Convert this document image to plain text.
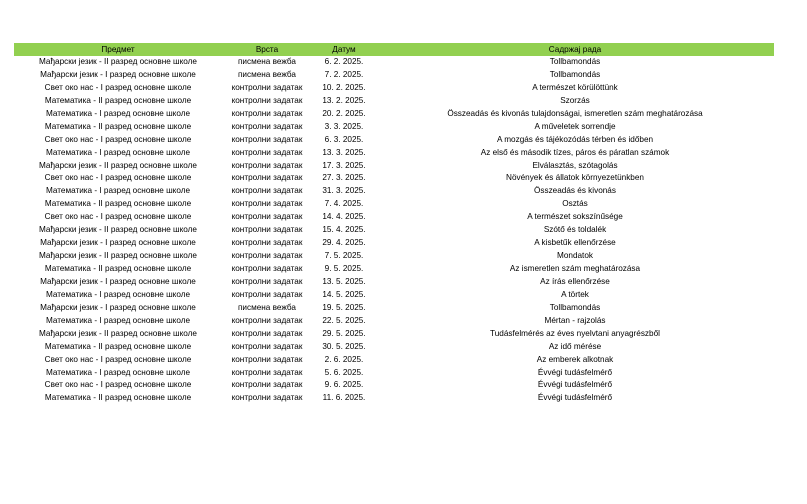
Предмет	Врста	Датум	Садржај рада
Мађарски језик - II разред основне школе	писмена вежба	6. 2. 2025.	Tollbamondás
Мађарски језик - I разред основне школе	писмена вежба	7. 2. 2025.	Tollbamondás
Свет око нас - I разред основне школе	контролни задатак	10. 2. 2025.	A természet körülöttünk
Математика - II разред основне школе	контролни задатак	13. 2. 2025.	Szorzás
Математика - I разред основне школе	контролни задатак	20. 2. 2025.	Összeadás és kivonás tulajdonságai, ismeretlen szám meghatározása
Математика - II разред основне школе	контролни задатак	3. 3. 2025.	A műveletek sorrendje
Свет око нас - I разред основне школе	контролни задатак	6. 3. 2025.	A mozgás és tájékozódás térben és időben
Математика - I разред основне школе	контролни задатак	13. 3. 2025.	Az első és második tízes, páros és páratlan számok
Мађарски језик - II разред основне школе	контролни задатак	17. 3. 2025.	Elválasztás, szótagolás
Свет око нас - I разред основне школе	контролни задатак	27. 3. 2025.	Növények és állatok környezetünkben
Математика - I разред основне школе	контролни задатак	31. 3. 2025.	Összeadás és kivonás
Математика - II разред основне школе	контролни задатак	7. 4. 2025.	Osztás
Свет око нас - I разред основне школе	контролни задатак	14. 4. 2025.	A természet sokszínűsége
Мађарски језик - II разред основне школе	контролни задатак	15. 4. 2025.	Szótő és toldalék
Мађарски језик - I разред основне школе	контролни задатак	29. 4. 2025.	A kisbetűk ellenőrzése
Мађарски језик - II разред основне школе	контролни задатак	7. 5. 2025.	Mondatok
Математика - II разред основне школе	контролни задатак	9. 5. 2025.	Az ismeretlen szám meghatározása
Мађарски језик - I разред основне школе	контролни задатак	13. 5. 2025.	Az írás ellenőrzése
Математика - I разред основне школе	контролни задатак	14. 5. 2025.	A törtek
Мађарски језик - I разред основне школе	писмена вежба	19. 5. 2025.	Tollbamondás
Математика - I разред основне школе	контролни задатак	22. 5. 2025.	Mértan - rajzolás
Мађарски језик - II разред основне школе	контролни задатак	29. 5. 2025.	Tudásfelmérés az éves nyelvtani anyagrészből
Математика - II разред основне школе	контролни задатак	30. 5. 2025.	Az idő mérése
Свет око нас - I разред основне школе	контролни задатак	2. 6. 2025.	Az emberek alkotnak
Математика - I разред основне школе	контролни задатак	5. 6. 2025.	Évvégi tudásfelmérő
Свет око нас - I разред основне школе	контролни задатак	9. 6. 2025.	Évvégi tudásfelmérő
Математика - II разред основне школе	контролни задатак	11. 6. 2025.	Évvégi tudásfelmérő
